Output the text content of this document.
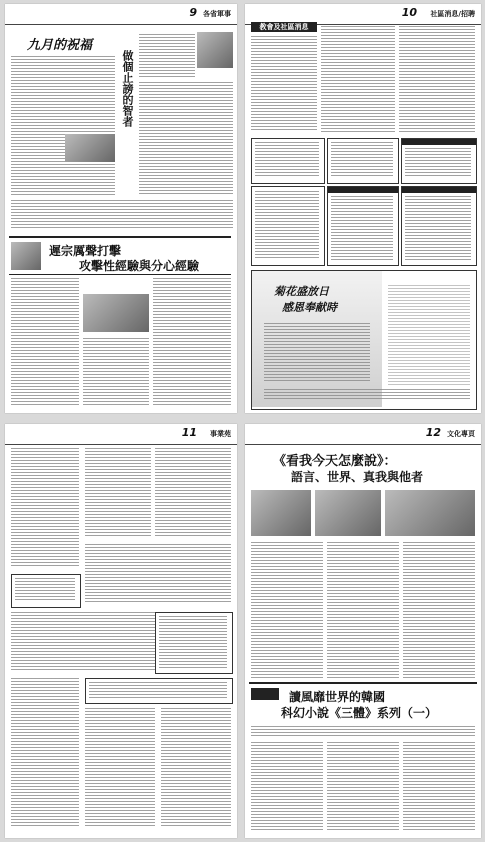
9 各省軍事
九月的祝福
做個止謗的智者
遲宗厲聲打擊
攻擊性經驗與分心經驗
10 社區消息/招聘
教會及社區消息
菊花盛放日
感恩奉献時
11 事業苑	12 文化專頁
《看我今天怎麼說》：
語言、世界、真我與他者
讀風靡世界的韓國
科幻小說《三體》系列（一）
